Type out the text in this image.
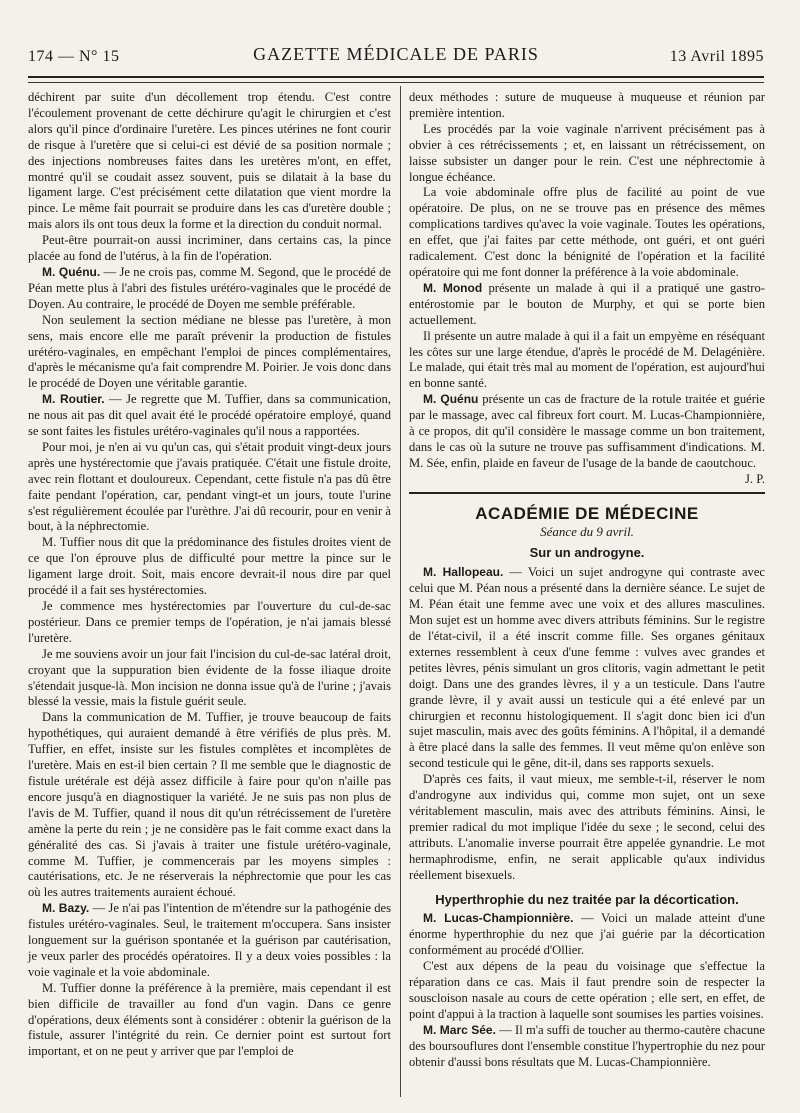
174 — N° 15	GAZETTE MÉDICALE DE PARIS	13 Avril 1895

déchirent par suite d'un décollement trop étendu. C'est contre l'écoulement provenant de cette déchirure qu'agit le chirurgien et c'est alors qu'il pince d'ordinaire l'uretère. Les pinces utérines ne font courir de risque à l'uretère que si celui-ci est dévié de sa position normale ; des injections nombreuses faites dans les uretères m'ont, en effet, montré qu'il se coudait assez souvent, puis se dilatait à la base du ligament large. C'est précisément cette dilatation que vient mordre la pince. Le même fait pourrait se produire dans les cas d'uretère double ; mais alors ils ont tous deux la forme et la direction du conduit normal.

Peut-être pourrait-on aussi incriminer, dans certains cas, la pince placée au fond de l'utérus, à la fin de l'opération.

M. Quénu. — Je ne crois pas, comme M. Segond, que le procédé de Péan mette plus à l'abri des fistules urétéro-vaginales que le procédé de Doyen. Au contraire, le procédé de Doyen me semble préférable.

Non seulement la section médiane ne blesse pas l'uretère, à mon sens, mais encore elle me paraît prévenir la production de fistules urétéro-vaginales, en empêchant l'emploi de pinces complémentaires, d'après le mécanisme qu'a fait comprendre M. Poirier. Je vois donc dans le procédé de Doyen une véritable garantie.

M. Routier. — Je regrette que M. Tuffier, dans sa communication, ne nous ait pas dit quel avait été le procédé opératoire employé, quand se sont faites les fistules urétéro-vaginales qu'il nous a rapportées.

Pour moi, je n'en ai vu qu'un cas, qui s'était produit vingt-deux jours après une hystérectomie que j'avais pratiquée. C'était une fistule droite, avec rein flottant et douloureux. Cependant, cette fistule n'a pas dû être faite pendant l'opération, car, pendant vingt-et un jours, toute l'urine s'est régulièrement écoulée par l'urèthre. J'ai dû recourir, pour en venir à bout, à la néphrectomie.

M. Tuffier nous dit que la prédominance des fistules droites vient de ce que l'on éprouve plus de difficulté pour mettre la pince sur le ligament large droit. Soit, mais encore devrait-il nous dire par quel procédé il a fait ses hystérectomies.

Je commence mes hystérectomies par l'ouverture du cul-de-sac postérieur. Dans ce premier temps de l'opération, je n'ai jamais blessé l'uretère.

Je me souviens avoir un jour fait l'incision du cul-de-sac latéral droit, croyant que la suppuration bien évidente de la fosse iliaque droite s'étendait jusque-là. Mon incision ne donna issue qu'à de l'urine ; j'avais blessé la vessie, mais la fistule guérit seule.

Dans la communication de M. Tuffier, je trouve beaucoup de faits hypothétiques, qui auraient demandé à être vérifiés de plus près. M. Tuffier, en effet, insiste sur les fistules complètes et incomplètes de l'uretère. Mais en est-il bien certain ? Il me semble que le diagnostic de fistule urétérale est déjà assez difficile à faire pour qu'on n'aille pas encore jusqu'à en diagnostiquer la variété. Je ne suis pas non plus de l'avis de M. Tuffier, quand il nous dit qu'un rétrécissement de l'uretère amène la perte du rein ; je ne considère pas le fait comme exact dans la généralité des cas. Si j'avais à traiter une fistule urétéro-vaginale, comme M. Tuffier, je commencerais par les moyens simples : cautérisations, etc. Je ne réserverais la néphrectomie que pour les cas où les autres traitements auraient échoué.

M. Bazy. — Je n'ai pas l'intention de m'étendre sur la pathogénie des fistules urétéro-vaginales. Seul, le traitement m'occupera. Sans insister longuement sur la guérison spontanée et la guérison par cautérisation, je veux parler des procédés opératoires. Il y a deux voies possibles : la voie vaginale et la voie abdominale.

M. Tuffier donne la préférence à la première, mais cependant il est bien difficile de travailler au fond d'un vagin. Dans ce genre d'opérations, deux éléments sont à considérer : obtenir la guérison de la fistule, assurer l'intégrité du rein. Ce dernier point est surtout fort important, et on ne peut y arriver que par l'emploi de

deux méthodes : suture de muqueuse à muqueuse et réunion par première intention.

Les procédés par la voie vaginale n'arrivent précisément pas à obvier à ces rétrécissements ; et, en laissant un rétrécissement, on laisse subsister un danger pour le rein. C'est une néphrectomie à longue échéance.

La voie abdominale offre plus de facilité au point de vue opératoire. De plus, on ne se trouve pas en présence des mêmes complications tardives qu'avec la voie vaginale. Toutes les opérations, en effet, que j'ai faites par cette méthode, ont guéri, et ont guéri radicalement. C'est donc la bénignité de l'opération et la facilité opératoire qui me font donner la préférence à la voie abdominale.

M. Monod présente un malade à qui il a pratiqué une gastro-entérostomie par le bouton de Murphy, et qui se porte bien actuellement.

Il présente un autre malade à qui il a fait un empyème en réséquant les côtes sur une large étendue, d'après le procédé de M. Delagénière. Le malade, qui était très mal au moment de l'opération, est aujourd'hui en bonne santé.

M. Quénu présente un cas de fracture de la rotule traitée et guérie par le massage, avec cal fibreux fort court. M. Lucas-Championnière, à ce propos, dit qu'il considère le massage comme un bon traitement, dans le cas où la suture ne trouve pas suffisamment d'indications. M. M. Sée, enfin, plaide en faveur de l'usage de la bande de caoutchouc.

J. P.

ACADÉMIE DE MÉDECINE
Séance du 9 avril.
Sur un androgyne.

M. Hallopeau. — Voici un sujet androgyne qui contraste avec celui que M. Péan nous a présenté dans la dernière séance. Le sujet de M. Péan était une femme avec une voix et des allures masculines. Mon sujet est un homme avec divers attributs féminins. Sur le registre de l'état-civil, il a été inscrit comme fille. Ses organes génitaux externes ressemblent à ceux d'une femme : vulves avec grandes et petites lèvres, pénis simulant un gros clitoris, vagin admettant le petit doigt. Dans une des grandes lèvres, il y a un testicule. Dans l'autre grande lèvre, il y avait aussi un testicule qui a été enlevé par un chirurgien et reconnu histologiquement. Il s'agit donc bien ici d'un sujet masculin, mais avec des goûts féminins. A l'hôpital, il a demandé à être placé dans la salle des femmes. Il veut même qu'on enlève son second testicule qui le gêne, dit-il, dans ses rapports sexuels.

D'après ces faits, il vaut mieux, me semble-t-il, réserver le nom d'androgyne aux individus qui, comme mon sujet, ont un sexe véritablement masculin, mais avec des attributs féminins. Ainsi, le premier radical du mot implique l'idée du sexe ; le second, celui des attributs. L'anomalie inverse pourrait être appelée gynandrie. Le mot hermaphrodisme, enfin, ne serait applicable qu'aux individus réellement bisexuels.

Hyperthrophie du nez traitée par la décortication.

M. Lucas-Championnière. — Voici un malade atteint d'une énorme hyperthrophie du nez que j'ai guérie par la décortication conformément au procédé d'Ollier.

C'est aux dépens de la peau du voisinage que s'effectue la réparation dans ce cas. Mais il faut prendre soin de respecter la souscloison nasale au cours de cette opération ; elle sert, en effet, de point d'appui à la traction à laquelle sont soumises les parties voisines.

M. Marc Sée. — Il m'a suffi de toucher au thermo-cautère chacune des boursouflures dont l'ensemble constitue l'hypertrophie du nez pour obtenir d'aussi bons résultats que M. Lucas-Championnière.
